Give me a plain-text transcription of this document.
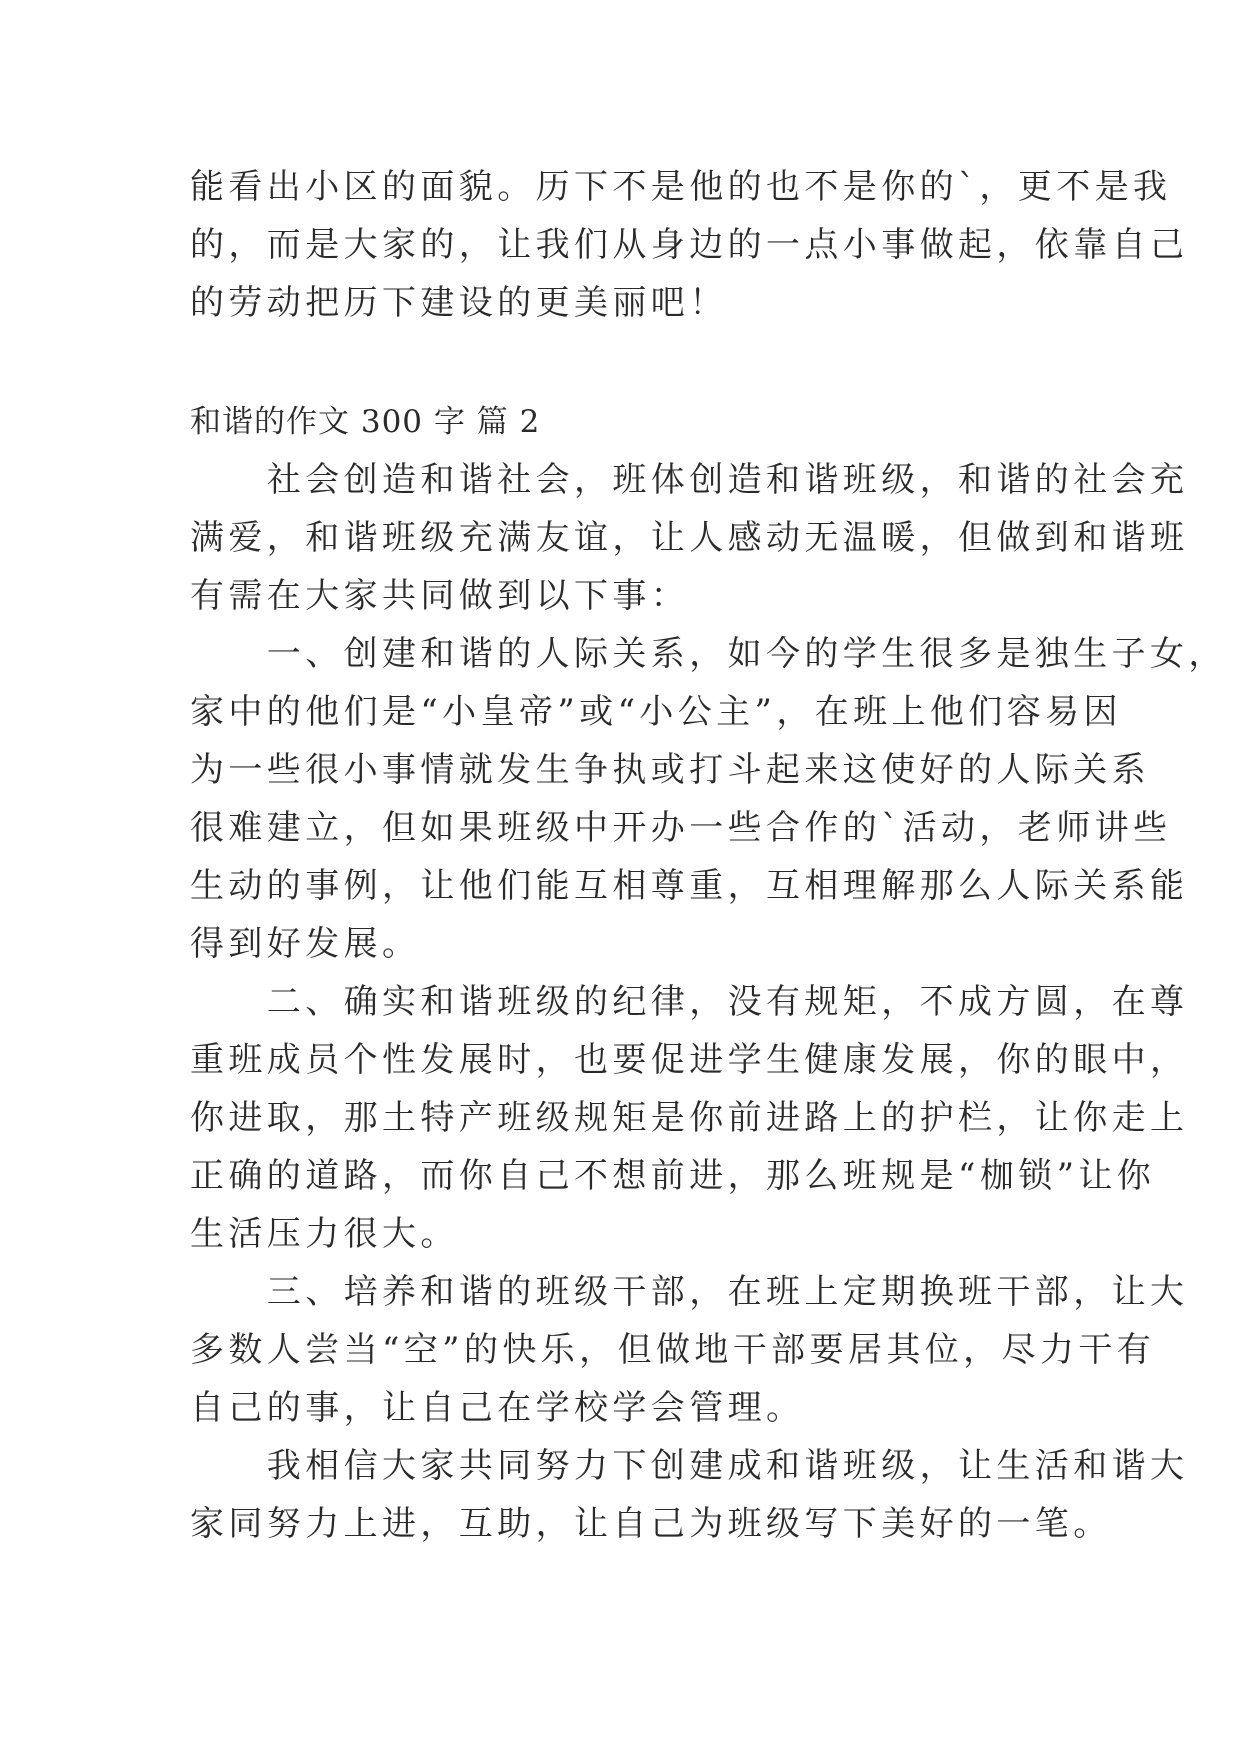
能看出小区的面貌。历下不是他的也不是你的`，更不是我

的，而是大家的，让我们从身边的一点小事做起，依靠自己

的劳动把历下建设的更美丽吧！

和谐的作文 300 字 篇 2

　　社会创造和谐社会，班体创造和谐班级，和谐的社会充

满爱，和谐班级充满友谊，让人感动无温暖，但做到和谐班

有需在大家共同做到以下事：

　　一、创建和谐的人际关系，如今的学生很多是独生子女，

家中的他们是“小皇帝”或“小公主”，在班上他们容易因

为一些很小事情就发生争执或打斗起来这使好的人际关系

很难建立，但如果班级中开办一些合作的`活动，老师讲些

生动的事例，让他们能互相尊重，互相理解那么人际关系能

得到好发展。

　　二、确实和谐班级的纪律，没有规矩，不成方圆，在尊

重班成员个性发展时，也要促进学生健康发展，你的眼中，

你进取，那土特产班级规矩是你前进路上的护栏，让你走上

正确的道路，而你自己不想前进，那么班规是“枷锁”让你

生活压力很大。

　　三、培养和谐的班级干部，在班上定期换班干部，让大

多数人尝当“空”的快乐，但做地干部要居其位，尽力干有

自己的事，让自己在学校学会管理。

　　我相信大家共同努力下创建成和谐班级，让生活和谐大

家同努力上进，互助，让自己为班级写下美好的一笔。
